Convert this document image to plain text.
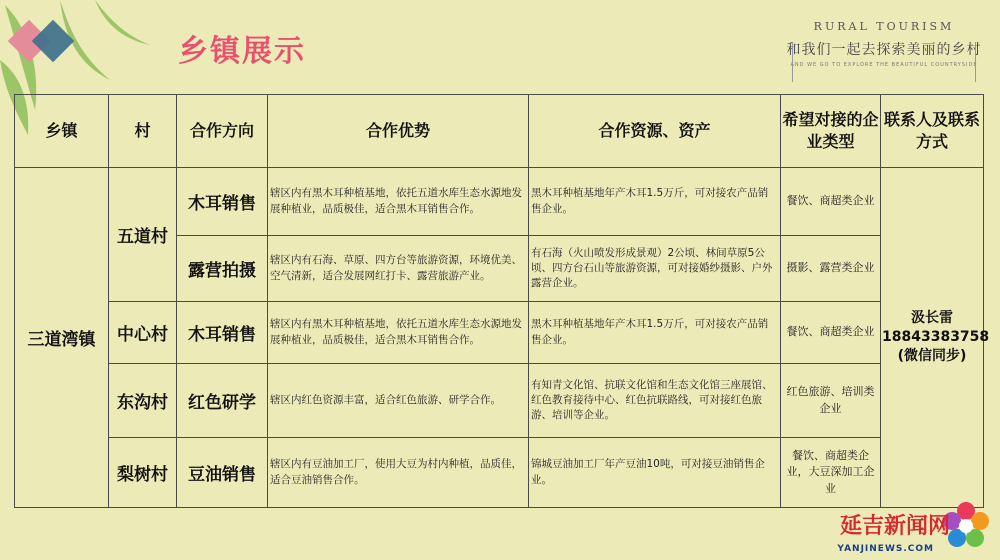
乡镇展示
RURAL TOURISM
和我们一起去探索美丽的乡村
AND WE GO TO EXPLORE THE BEAUTIFUL COUNTRYSIDE
乡镇	村	合作方向	合作优势	合作资源、资产	希望对接的企业类型	联系人及联系方式
三道湾镇	五道村	木耳销售	辖区内有黑木耳种植基地，依托五道水库生态水源地发展种植业，品质极佳，适合黑木耳销售合作。	黑木耳种植基地年产木耳1.5万斤，可对接农产品销售企业。	餐饮、商超类企业	汲长雷
18843383758
(微信同步)

		露营拍摄	辖区内有石海、草原、四方台等旅游资源，环境优美、空气清新，适合发展网红打卡、露营旅游产业。	有石海（火山喷发形成景观）2公顷、林间草原5公顷、四方台石山等旅游资源，可对接婚纱摄影、户外露营企业。	摄影、露营类企业	
	中心村	木耳销售	辖区内有黑木耳种植基地，依托五道水库生态水源地发展种植业，品质极佳，适合黑木耳销售合作。	黑木耳种植基地年产木耳1.5万斤，可对接农产品销售企业。	餐饮、商超类企业	
	东沟村	红色研学	辖区内红色资源丰富，适合红色旅游、研学合作。	有知青文化馆、抗联文化馆和生态文化馆三座展馆、红色教育接待中心、红色抗联路线，可对接红色旅游、培训等企业。	红色旅游、培训类企业	
	梨树村	豆油销售	辖区内有豆油加工厂，使用大豆为村内种植，品质佳，适合豆油销售合作。	锦城豆油加工厂年产豆油10吨，可对接豆油销售企业。	餐饮、商超类企业，大豆深加工企业	
延吉新闻网
YANJINEWS.COM
